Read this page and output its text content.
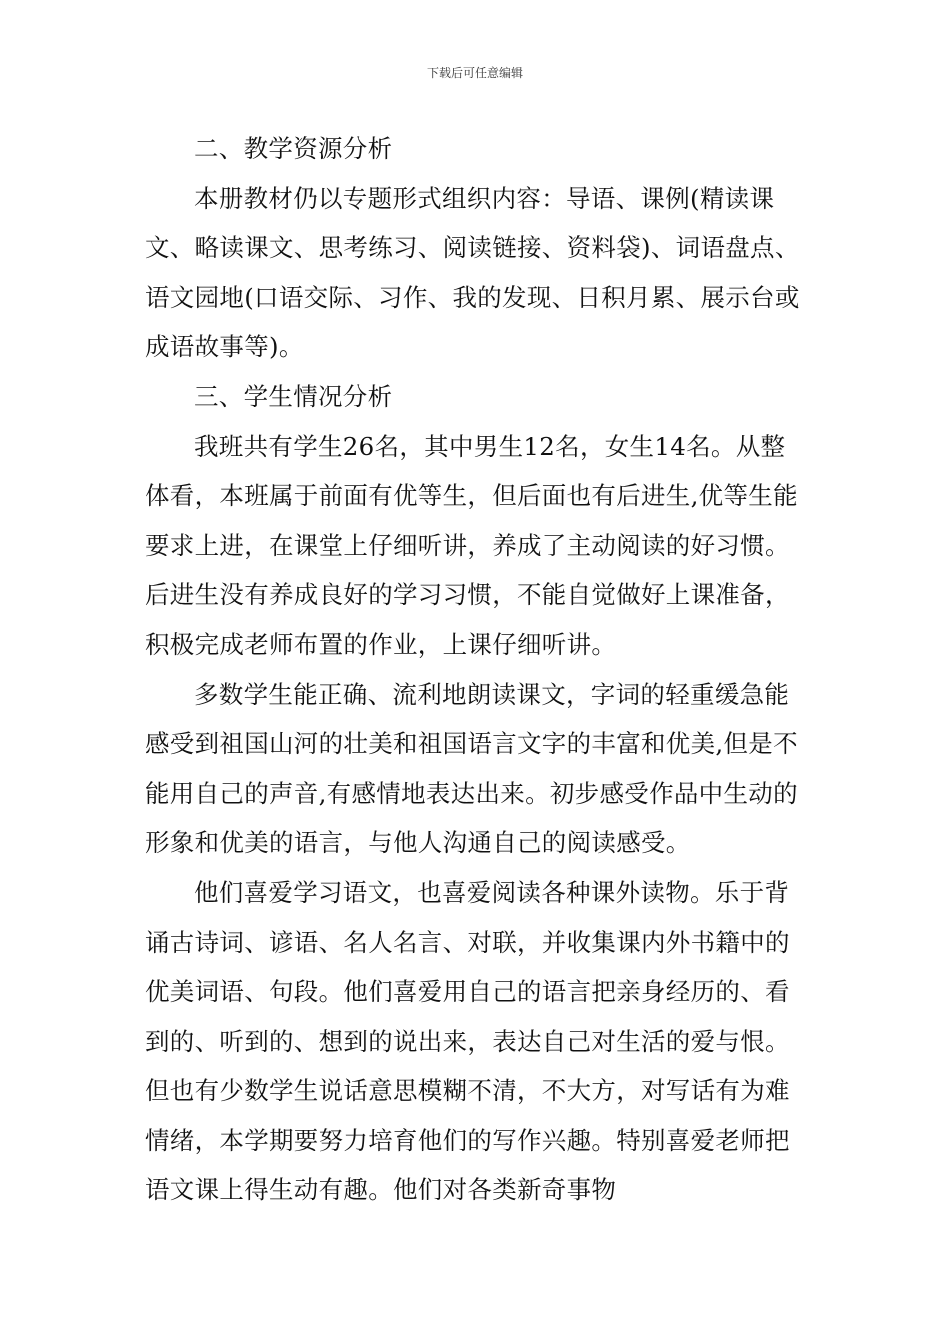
下载后可任意编辑

二、教学资源分析

本册教材仍以专题形式组织内容：导语、课例(精读课文、略读课文、思考练习、阅读链接、资料袋)、词语盘点、语文园地(口语交际、习作、我的发现、日积月累、展示台或成语故事等)。

三、学生情况分析

我班共有学生26名，其中男生12名，女生14名。从整体看，本班属于前面有优等生，但后面也有后进生,优等生能要求上进，在课堂上仔细听讲，养成了主动阅读的好习惯。后进生没有养成良好的学习习惯，不能自觉做好上课准备，积极完成老师布置的作业，上课仔细听讲。

多数学生能正确、流利地朗读课文，字词的轻重缓急能感受到祖国山河的壮美和祖国语言文字的丰富和优美,但是不能用自己的声音,有感情地表达出来。初步感受作品中生动的形象和优美的语言，与他人沟通自己的阅读感受。

他们喜爱学习语文，也喜爱阅读各种课外读物。乐于背诵古诗词、谚语、名人名言、对联，并收集课内外书籍中的优美词语、句段。他们喜爱用自己的语言把亲身经历的、看到的、听到的、想到的说出来，表达自己对生活的爱与恨。但也有少数学生说话意思模糊不清，不大方，对写话有为难情绪，本学期要努力培育他们的写作兴趣。特别喜爱老师把语文课上得生动有趣。他们对各类新奇事物
